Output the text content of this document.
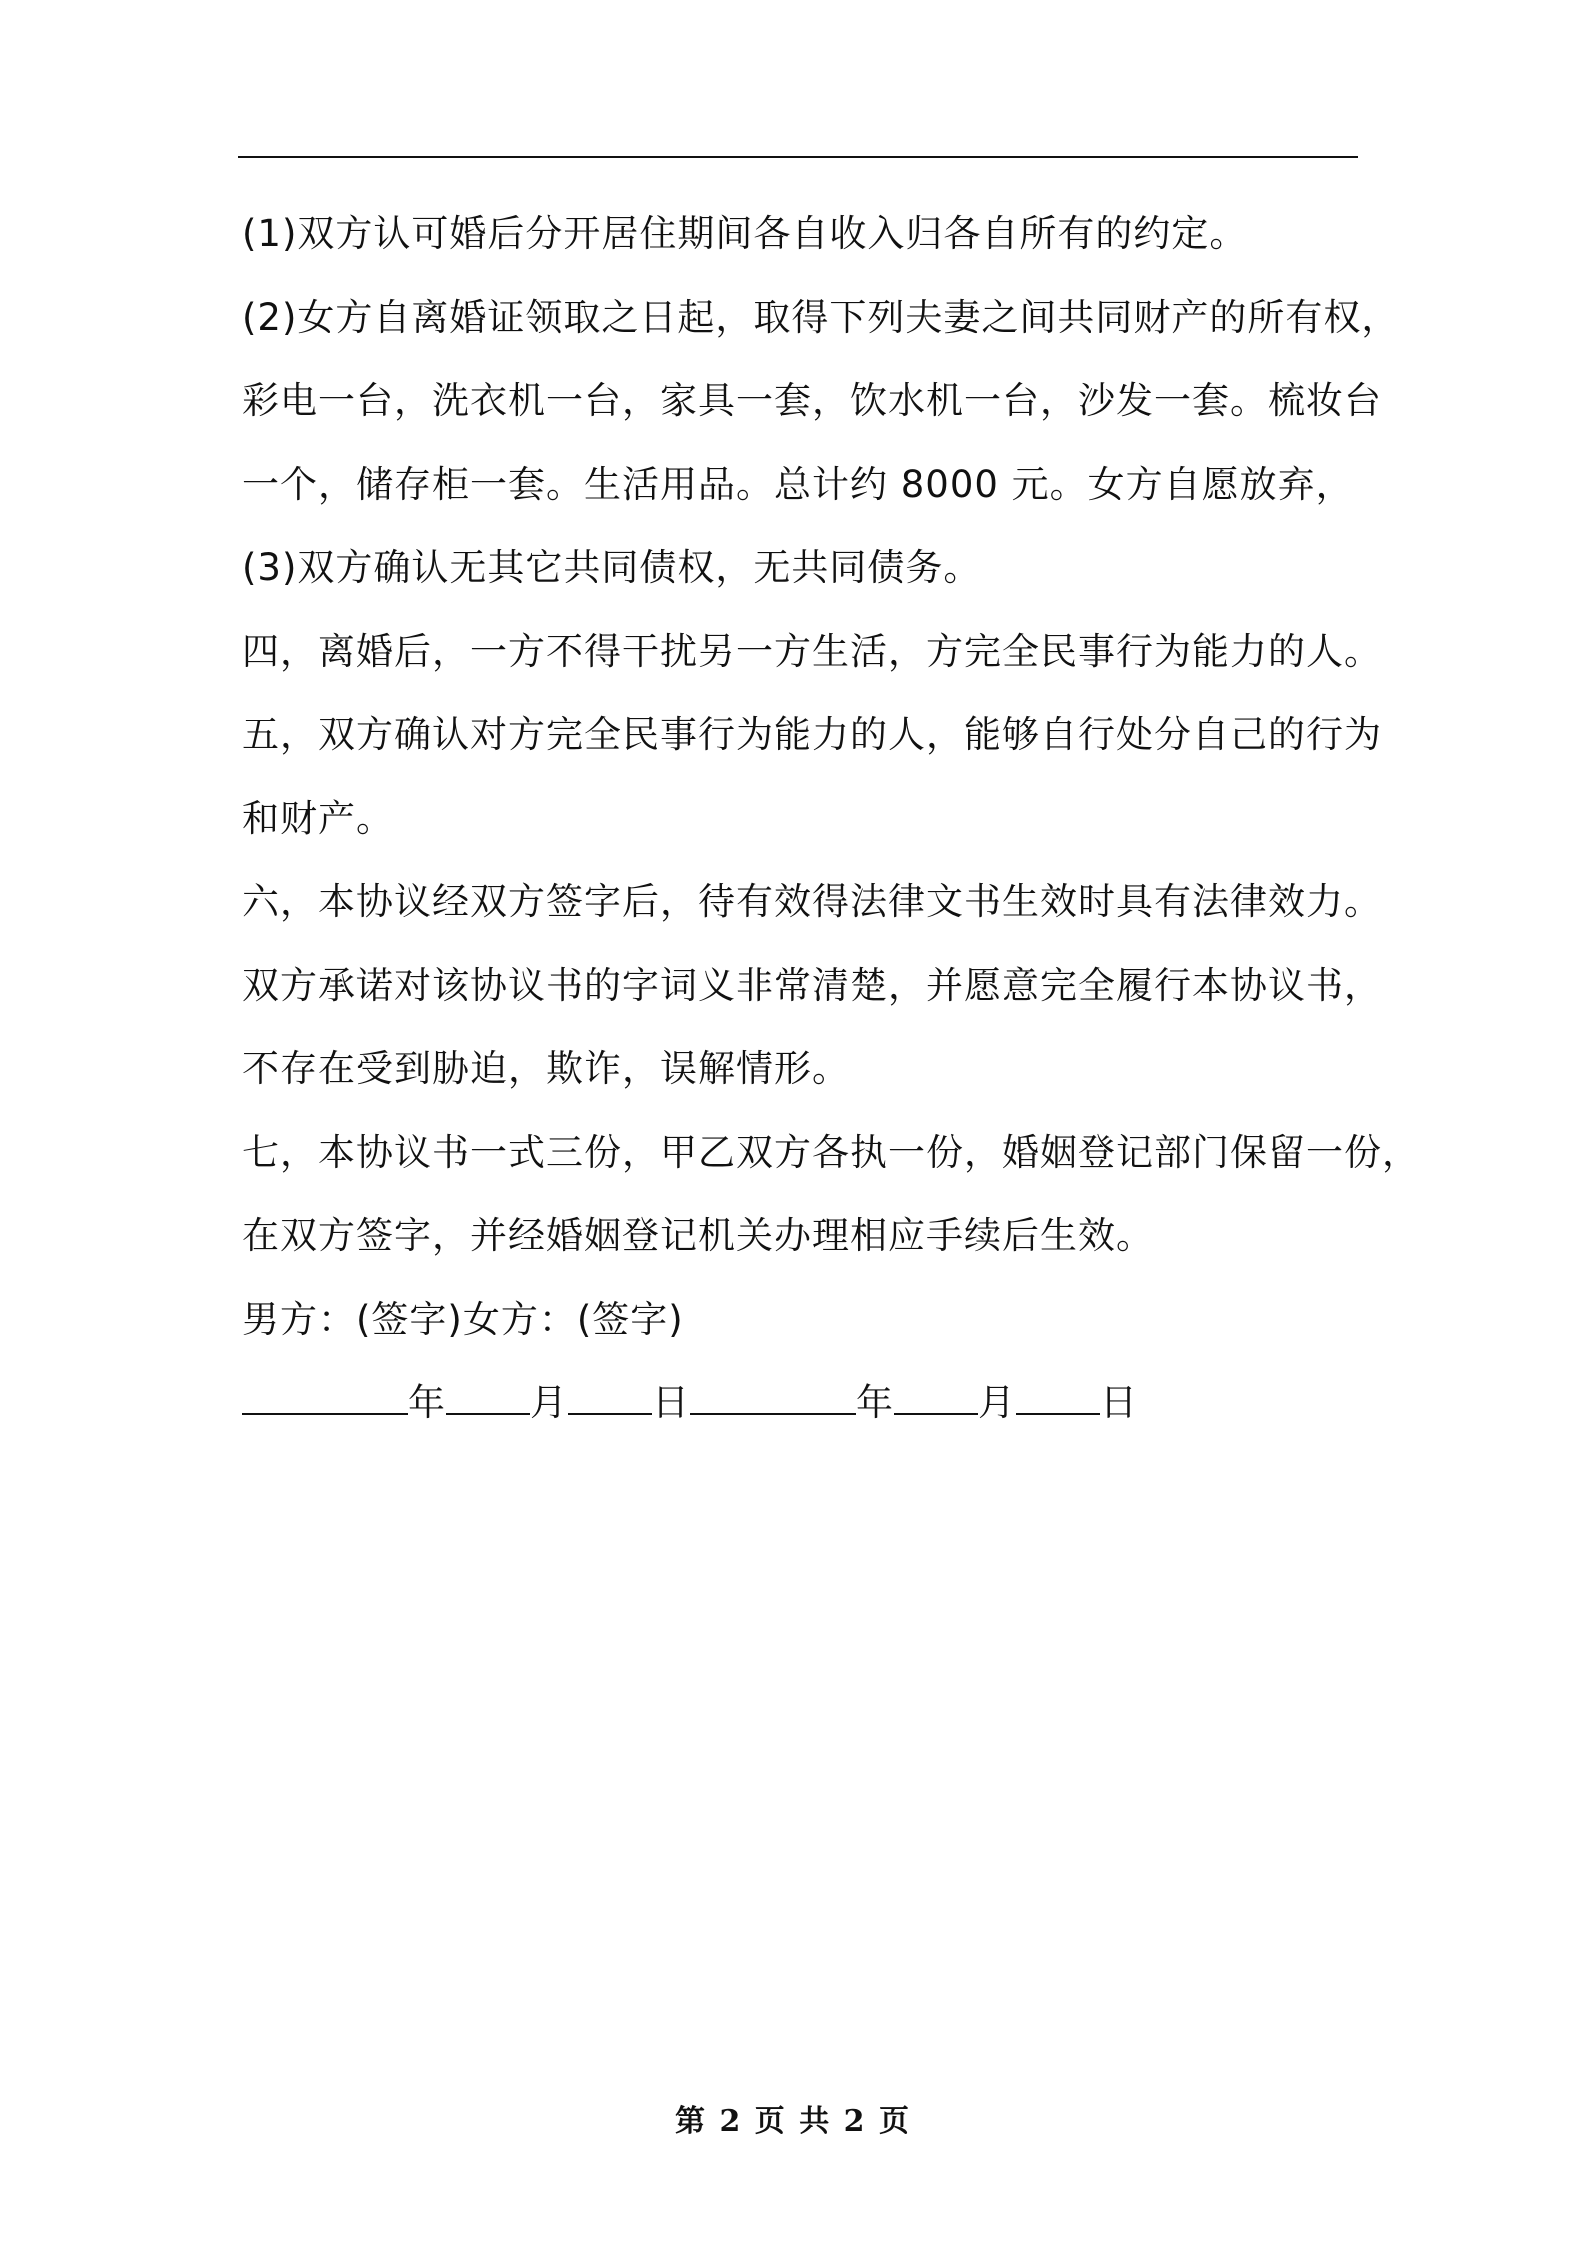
(1)双方认可婚后分开居住期间各自收入归各自所有的约定。

(2)女方自离婚证领取之日起，取得下列夫妻之间共同财产的所有权，

彩电一台，洗衣机一台，家具一套，饮水机一台，沙发一套。梳妆台

一个，储存柜一套。生活用品。总计约 8000 元。女方自愿放弃，

(3)双方确认无其它共同债权，无共同债务。

四，离婚后，一方不得干扰另一方生活，方完全民事行为能力的人。

五，双方确认对方完全民事行为能力的人，能够自行处分自己的行为

和财产。

六，本协议经双方签字后，待有效得法律文书生效时具有法律效力。

双方承诺对该协议书的字词义非常清楚，并愿意完全履行本协议书，

不存在受到胁迫，欺诈，误解情形。

七，本协议书一式三份，甲乙双方各执一份，婚姻登记部门保留一份，

在双方签字，并经婚姻登记机关办理相应手续后生效。

男方：(签字)女方：(签字)

年 月 日	年 月 日

第 2 页 共 2 页
